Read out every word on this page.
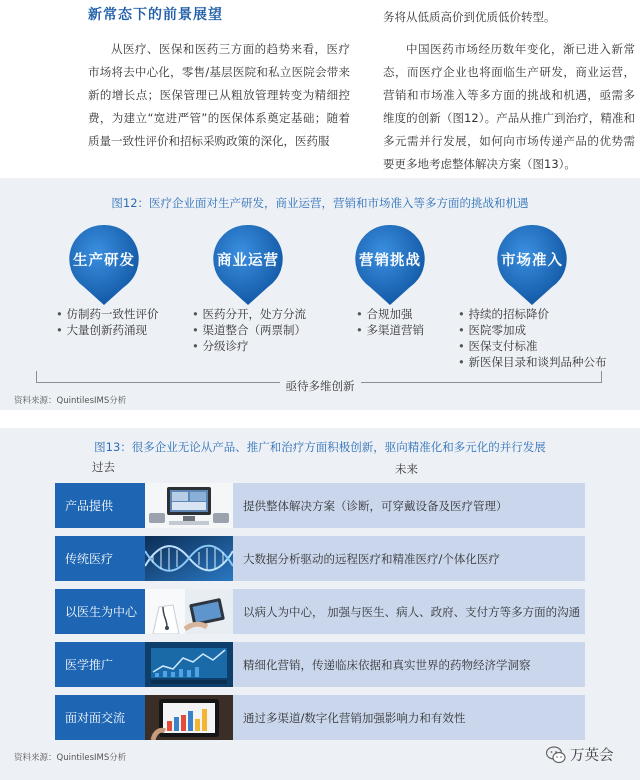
新常态下的前景展望
从医疗、医保和医药三方面的趋势来看，医疗市场将去中心化，零售/基层医院和私立医院会带来新的增长点；医保管理已从粗放管理转变为精细控费，为建立“宽进严管”的医保体系奠定基础；随着质量一致性评价和招标采购政策的深化，医药服
务将从低质高价到优质低价转型。
中国医药市场经历数年变化，渐已进入新常态，而医疗企业也将面临生产研发，商业运营，营销和市场准入等多方面的挑战和机遇，亟需多维度的创新（图12）。产品从推广到治疗，精准和多元需并行发展，如何向市场传递产品的优势需要更多地考虑整体解决方案（图13）。
图12：医疗企业面对生产研发，商业运营，营销和市场准入等多方面的挑战和机遇
生产研发
• 仿制药一致性评价
• 大量创新药涌现
商业运营
• 医药分开，处方分流
• 渠道整合（两票制）
• 分级诊疗
营销挑战
• 合规加强
• 多渠道营销
市场准入
• 持续的招标降价
• 医院零加成
• 医保支付标准
• 新医保目录和谈判品种公布
亟待多维创新
资料来源：QuintilesIMS分析
图13：很多企业无论从产品、推广和治疗方面积极创新，驱向精准化和多元化的并行发展
过去	未来
产品提供	提供整体解决方案（诊断，可穿戴设备及医疗管理）
传统医疗	大数据分析驱动的远程医疗和精准医疗/个体化医疗
以医生为中心	以病人为中心， 加强与医生、病人、政府、支付方等多方面的沟通
医学推广	精细化营销，传递临床依据和真实世界的药物经济学洞察
面对面交流	通过多渠道/数字化营销加强影响力和有效性
资料来源：QuintilesIMS分析	万英会
